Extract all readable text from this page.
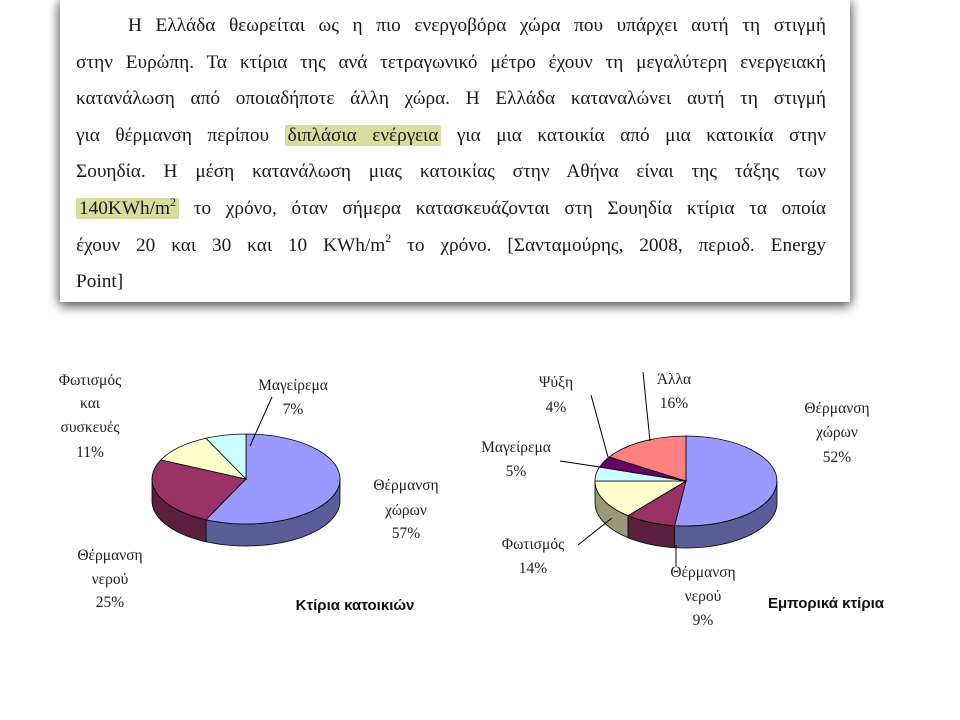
Η Ελλάδα θεωρείται ως η πιο ενεργοβόρα χώρα που υπάρχει αυτή τη στιγμή
στην Ευρώπη. Τα κτίρια της ανά τετραγωνικό μέτρο έχουν τη μεγαλύτερη ενεργειακή
κατανάλωση από οποιαδήποτε άλλη χώρα. Η Ελλάδα καταναλώνει αυτή τη στιγμή
για θέρμανση περίπου διπλάσια ενέργεια για μια κατοικία από μια κατοικία στην
Σουηδία. Η μέση κατανάλωση μιας κατοικίας στην Αθήνα είναι της τάξης των
$140KWh/m^2$ το χρόνο, όταν σήμερα κατασκευάζονται στη Σουηδία κτίρια τα οποία
έχουν 20 και 30 και 10 KWh/$m^2$ το χρόνο. [Σανταμούρης, 2008, περιοδ. Energy
Point]
Θέρμανση χώρων 57%
Θέρμανση νερού 25%
Φωτισμός και συσκευές 11%
Μαγείρεμα 7%
Κτίρια κατοικιών
Θέρμανση χώρων 52%
Θέρμανση νερού 9%
Φωτισμός 14%
Μαγείρεμα 5%
Ψύξη 4%
Άλλα 16%
Εμπορικά κτίρια
